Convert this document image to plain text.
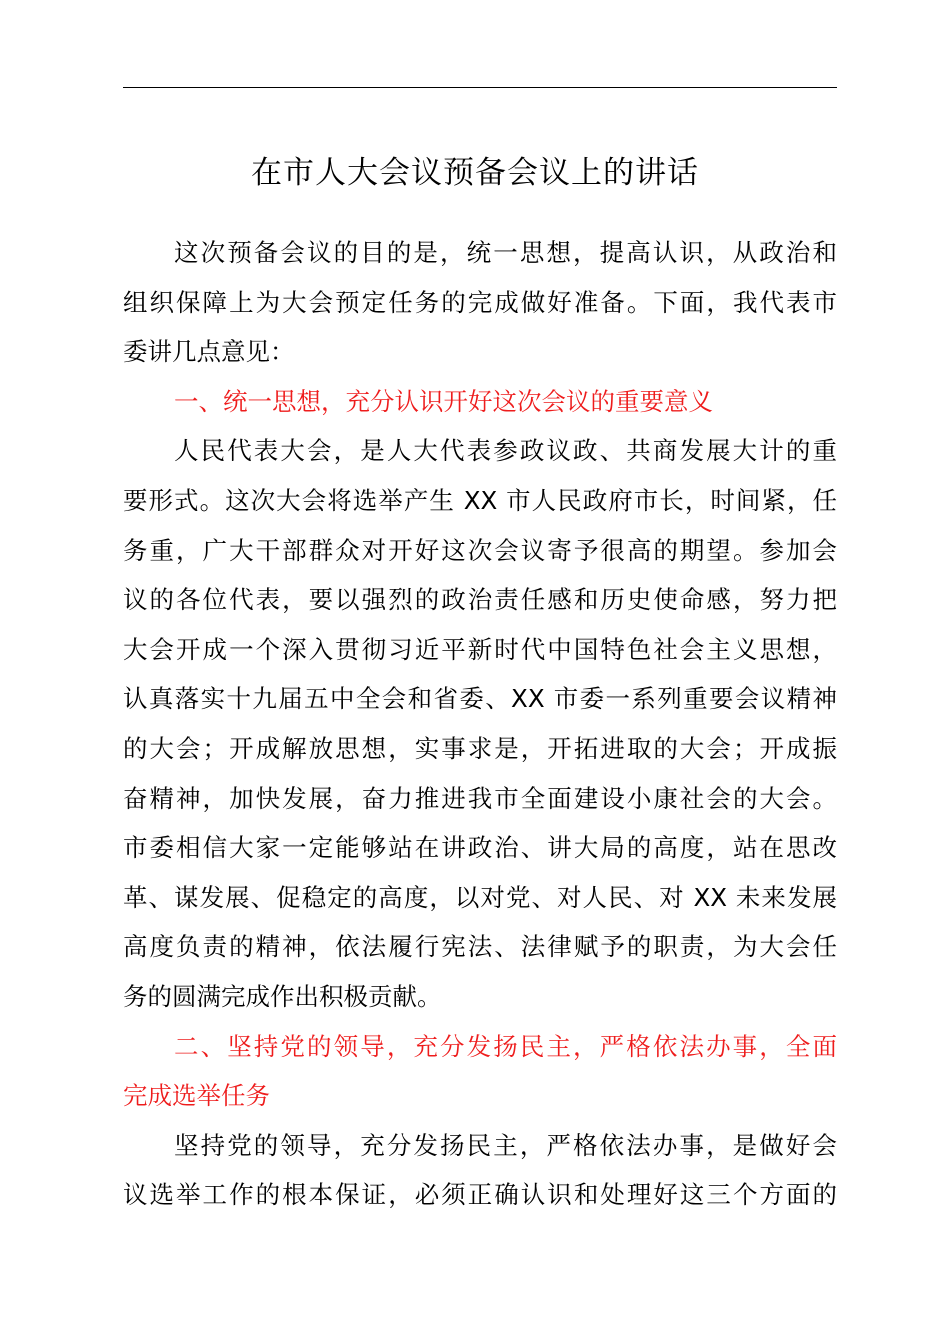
在市人大会议预备会议上的讲话
这次预备会议的目的是，统一思想，提高认识，从政治和
组织保障上为大会预定任务的完成做好准备。下面，我代表市
委讲几点意见：
一、统一思想，充分认识开好这次会议的重要意义
人民代表大会，是人大代表参政议政、共商发展大计的重
要形式。这次大会将选举产生 XX 市人民政府市长，时间紧，任
务重，广大干部群众对开好这次会议寄予很高的期望。参加会
议的各位代表，要以强烈的政治责任感和历史使命感，努力把
大会开成一个深入贯彻习近平新时代中国特色社会主义思想，
认真落实十九届五中全会和省委、XX 市委一系列重要会议精神
的大会；开成解放思想，实事求是，开拓进取的大会；开成振
奋精神，加快发展，奋力推进我市全面建设小康社会的大会。
市委相信大家一定能够站在讲政治、讲大局的高度，站在思改
革、谋发展、促稳定的高度，以对党、对人民、对 XX 未来发展
高度负责的精神，依法履行宪法、法律赋予的职责，为大会任
务的圆满完成作出积极贡献。
二、坚持党的领导，充分发扬民主，严格依法办事，全面
完成选举任务
坚持党的领导，充分发扬民主，严格依法办事，是做好会
议选举工作的根本保证，必须正确认识和处理好这三个方面的
